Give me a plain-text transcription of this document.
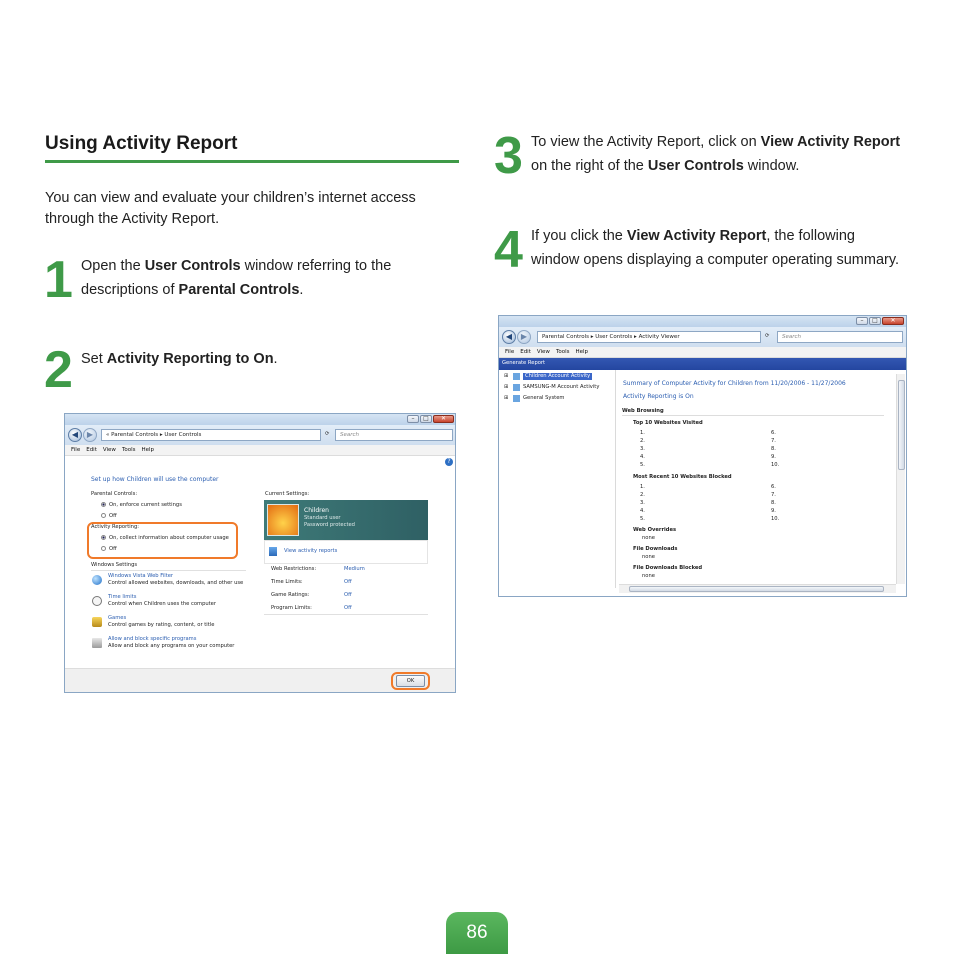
Using Activity Report
You can view and evaluate your children’s internet access through the Activity Report.
1 Open the User Controls window referring to the descriptions of Parental Controls.
2 Set Activity Reporting to On.
3 To view the Activity Report, click on View Activity Report on the right of the User Controls window.
4 If you click the View Activity Report, the following window opens displaying a computer operating summary.
–	□	✕
◀	▶	« Parental Controls ▸ User Controls	⟳	Search
File Edit View Tools Help
?
Set up how Children will use the computer
Parental Controls:
On, enforce current settings
Off
Activity Reporting:
On, collect information about computer usage
Off
Windows Settings
Windows Vista Web Filter
Control allowed websites, downloads, and other use
Time limits
Control when Children uses the computer
Games
Control games by rating, content, or title
Allow and block specific programs
Allow and block any programs on your computer
Current Settings:
Children
Standard user
Password protected
View activity reports
Web Restrictions:	Medium
Time Limits:	Off
Game Ratings:	Off
Program Limits:	Off
OK
–	□	✕
◀	▶	Parental Controls ▸ User Controls ▸ Activity Viewer	⟳	Search
File Edit View Tools Help
Generate Report
⊞	Children Account Activity
⊞	SAMSUNG-M Account Activity
⊞	General System
Summary of Computer Activity for Children from 11/20/2006 - 11/27/2006
Activity Reporting is On
Web Browsing
Top 10 Websites Visited
1.
2.
3.
4.
5.
6.
7.
8.
9.
10.
Most Recent 10 Websites Blocked
1.
2.
3.
4.
5.
6.
7.
8.
9.
10.
Web Overrides
none
File Downloads
none
File Downloads Blocked
none
86
